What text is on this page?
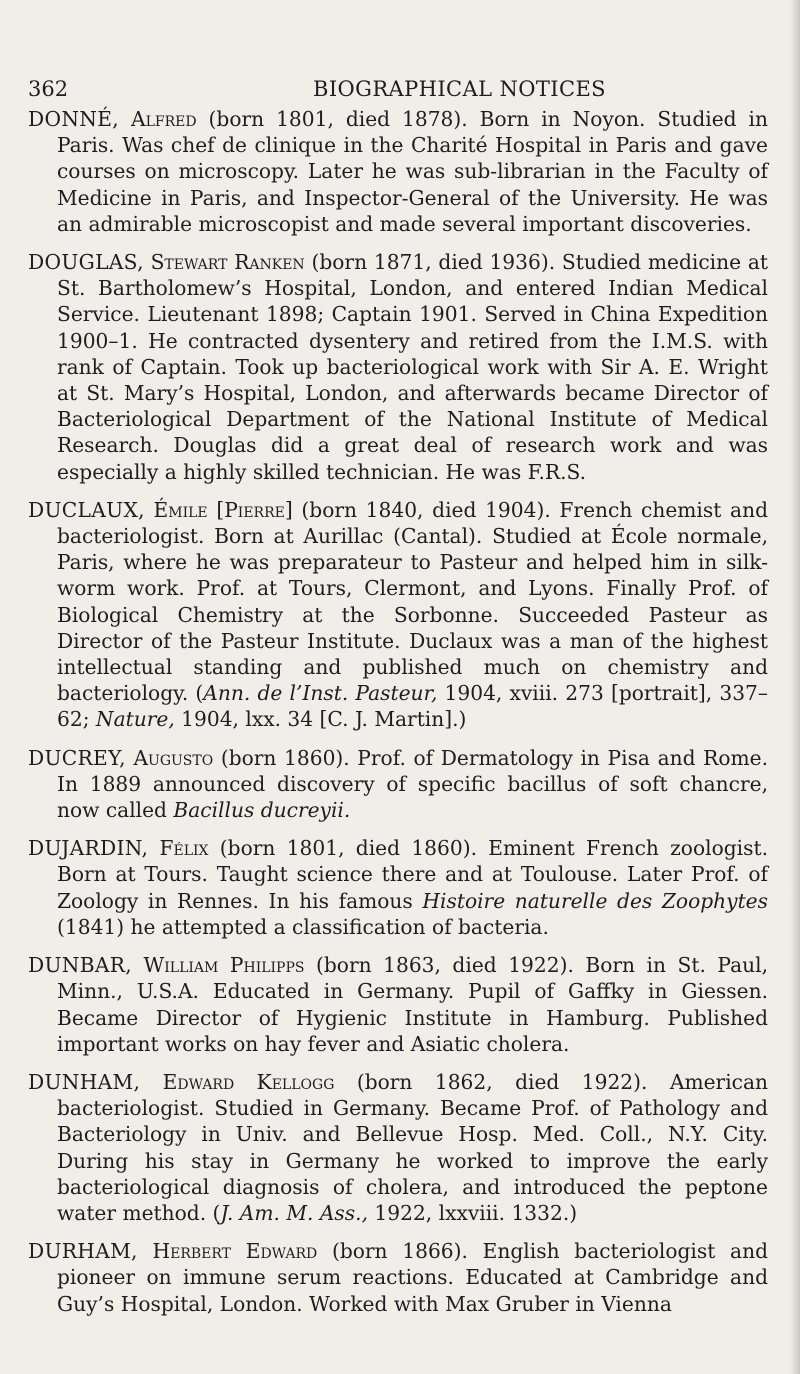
362	BIOGRAPHICAL NOTICES

DONNÉ, Alfred (born 1801, died 1878). Born in Noyon. Studied in Paris. Was chef de clinique in the Charité Hospital in Paris and gave courses on microscopy. Later he was sub-librarian in the Faculty of Medicine in Paris, and Inspector-General of the University. He was an admirable microscopist and made several important discoveries.

DOUGLAS, Stewart Ranken (born 1871, died 1936). Studied medicine at St. Bartholomew’s Hospital, London, and entered Indian Medical Service. Lieutenant 1898; Captain 1901. Served in China Expedition 1900–1. He contracted dysentery and retired from the I.M.S. with rank of Captain. Took up bacteriological work with Sir A. E. Wright at St. Mary’s Hospital, London, and afterwards became Director of Bacteriological Department of the National Institute of Medical Research. Douglas did a great deal of research work and was especially a highly skilled technician. He was F.R.S.

DUCLAUX, Émile [Pierre] (born 1840, died 1904). French chemist and bacteriologist. Born at Aurillac (Cantal). Studied at École normale, Paris, where he was preparateur to Pasteur and helped him in silk-worm work. Prof. at Tours, Clermont, and Lyons. Finally Prof. of Biological Chemistry at the Sorbonne. Succeeded Pasteur as Director of the Pasteur Institute. Duclaux was a man of the highest intellectual standing and published much on chemistry and bacteriology. (Ann. de l’Inst. Pasteur, 1904, xviii. 273 [portrait], 337–62; Nature, 1904, lxx. 34 [C. J. Martin].)

DUCREY, Augusto (born 1860). Prof. of Dermatology in Pisa and Rome. In 1889 announced discovery of specific bacillus of soft chancre, now called Bacillus ducreyii.

DUJARDIN, Félix (born 1801, died 1860). Eminent French zoologist. Born at Tours. Taught science there and at Toulouse. Later Prof. of Zoology in Rennes. In his famous Histoire naturelle des Zoophytes (1841) he attempted a classification of bacteria.

DUNBAR, William Philipps (born 1863, died 1922). Born in St. Paul, Minn., U.S.A. Educated in Germany. Pupil of Gaffky in Giessen. Became Director of Hygienic Institute in Hamburg. Published important works on hay fever and Asiatic cholera.

DUNHAM, Edward Kellogg (born 1862, died 1922). American bacteriologist. Studied in Germany. Became Prof. of Pathology and Bacteriology in Univ. and Bellevue Hosp. Med. Coll., N.Y. City. During his stay in Germany he worked to improve the early bacteriological diagnosis of cholera, and introduced the peptone water method. (J. Am. M. Ass., 1922, lxxviii. 1332.)

DURHAM, Herbert Edward (born 1866). English bacteriologist and pioneer on immune serum reactions. Educated at Cambridge and Guy’s Hospital, London. Worked with Max Gruber in Vienna
